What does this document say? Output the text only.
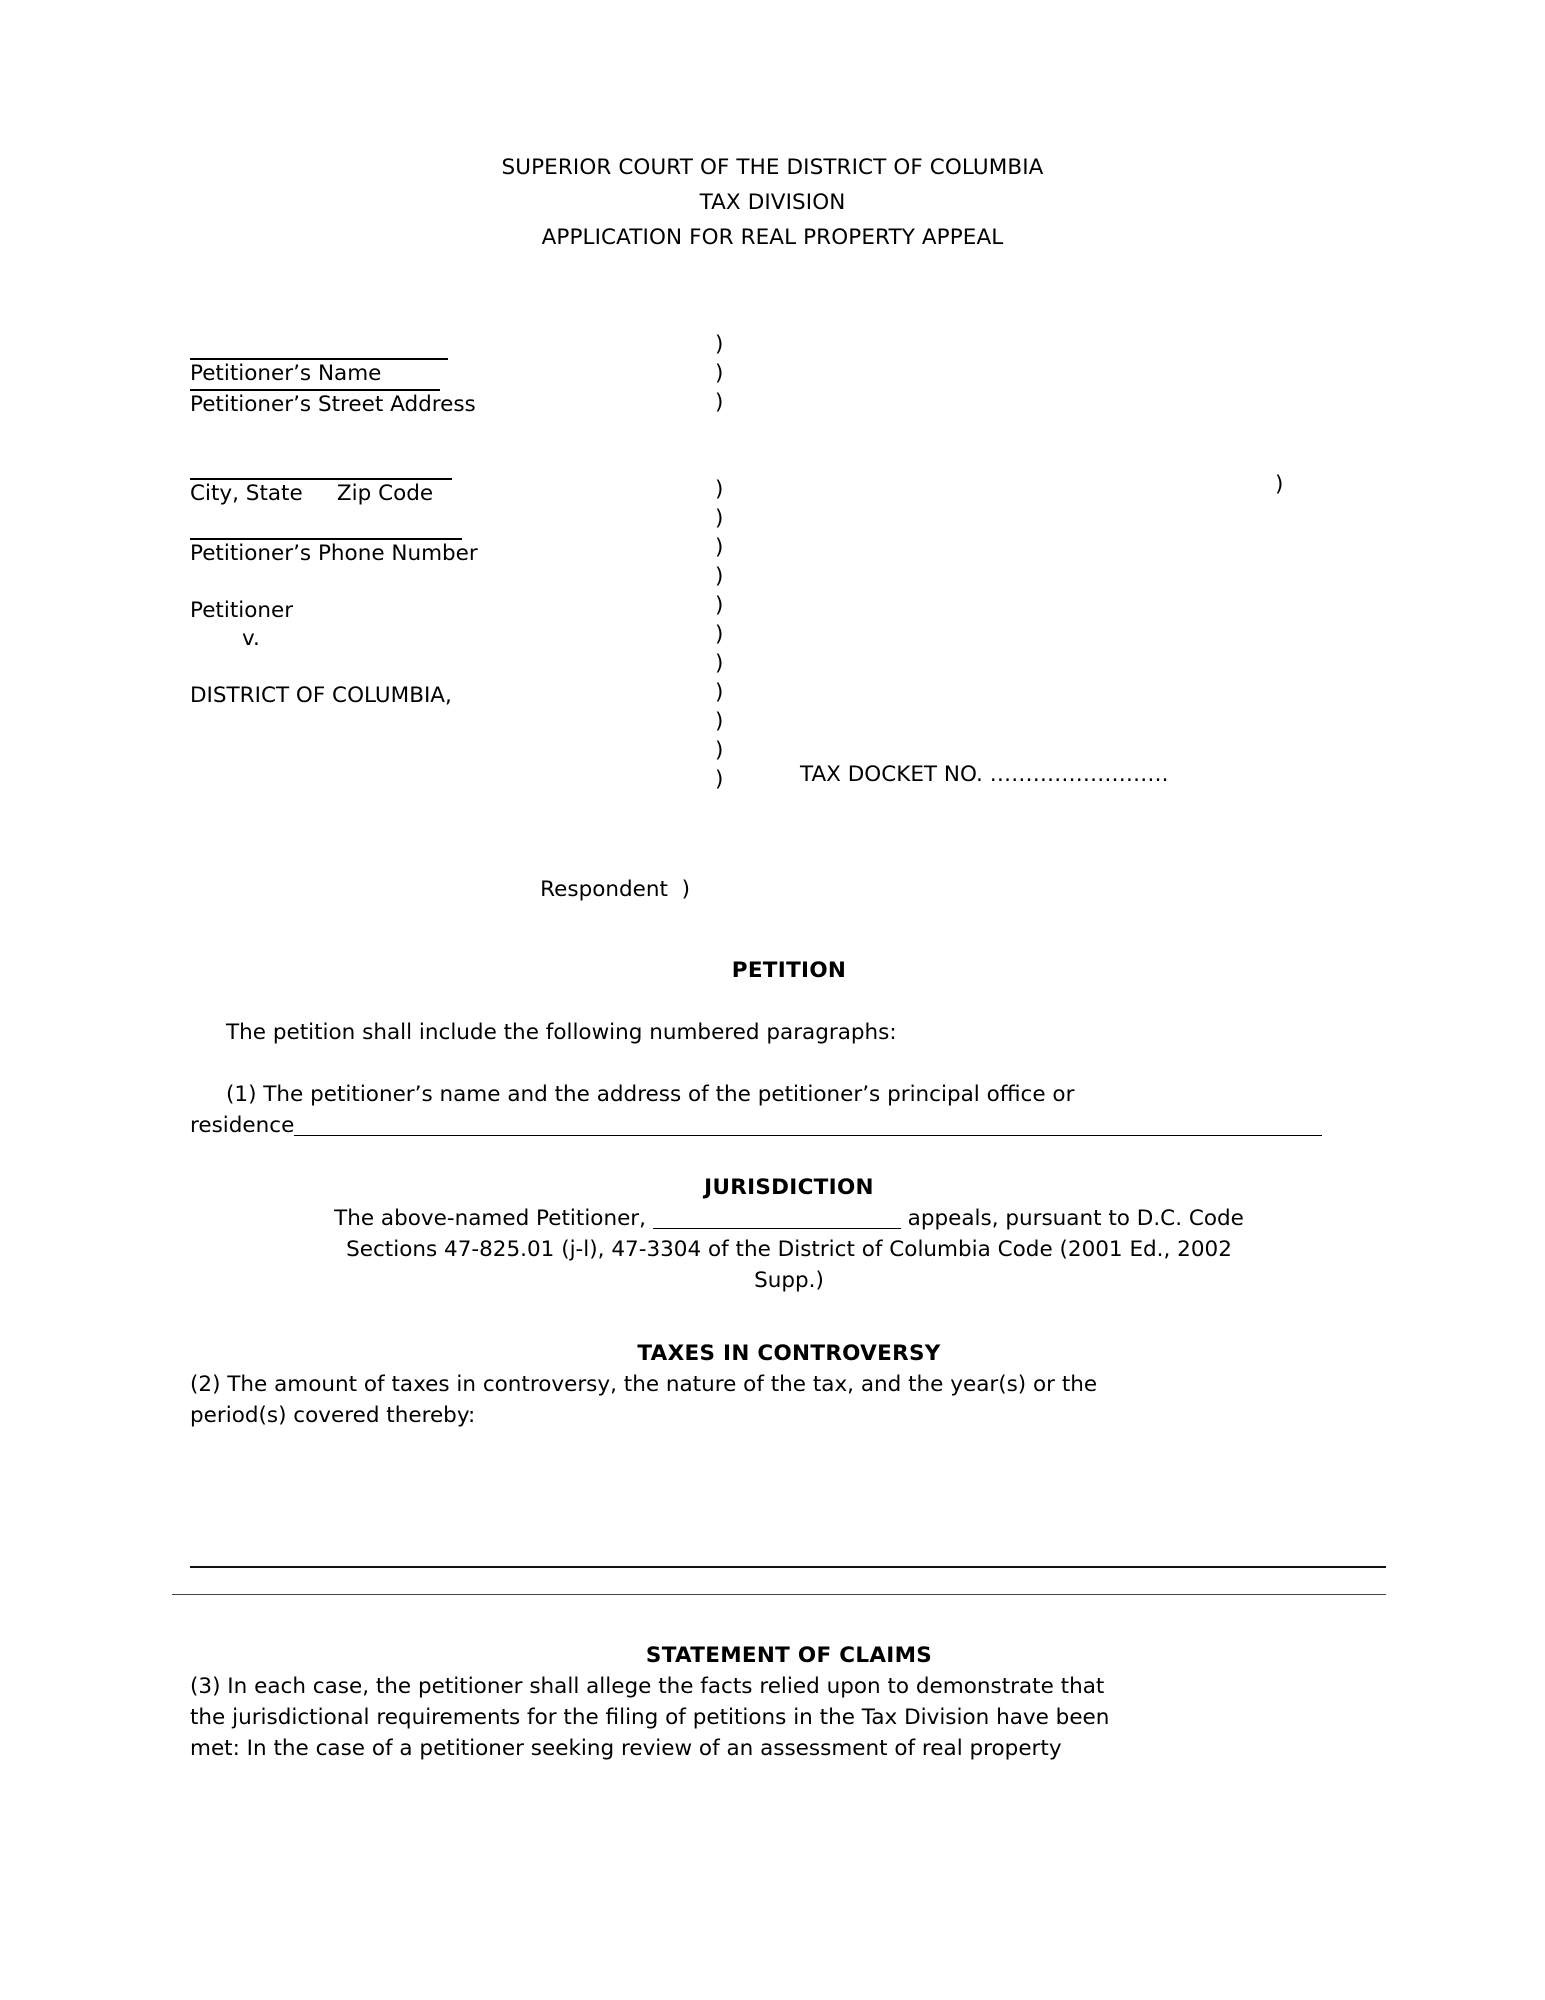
SUPERIOR COURT OF THE DISTRICT OF COLUMBIA
TAX DIVISION
APPLICATION FOR REAL PROPERTY APPEAL
Petitioner’s Name
Petitioner’s Street Address
City, State     Zip Code
Petitioner’s Phone Number
Petitioner
v.
DISTRICT OF COLUMBIA,
)
)
)
)
)
)
)
)
)
)
)
)
)
)
)
TAX DOCKET NO. …………………….
Respondent  )
PETITION
The petition shall include the following numbered paragraphs:
(1) The petitioner’s name and the address of the petitioner’s principal office or
residence
JURISDICTION
The above-named Petitioner,	appeals, pursuant to D.C. Code
Sections 47-825.01 (j-l), 47-3304 of the District of Columbia Code (2001 Ed., 2002
Supp.)
TAXES IN CONTROVERSY
(2) The amount of taxes in controversy, the nature of the tax, and the year(s) or the
period(s) covered thereby:
STATEMENT OF CLAIMS
(3) In each case, the petitioner shall allege the facts relied upon to demonstrate that
the jurisdictional requirements for the filing of petitions in the Tax Division have been
met: In the case of a petitioner seeking review of an assessment of real property
